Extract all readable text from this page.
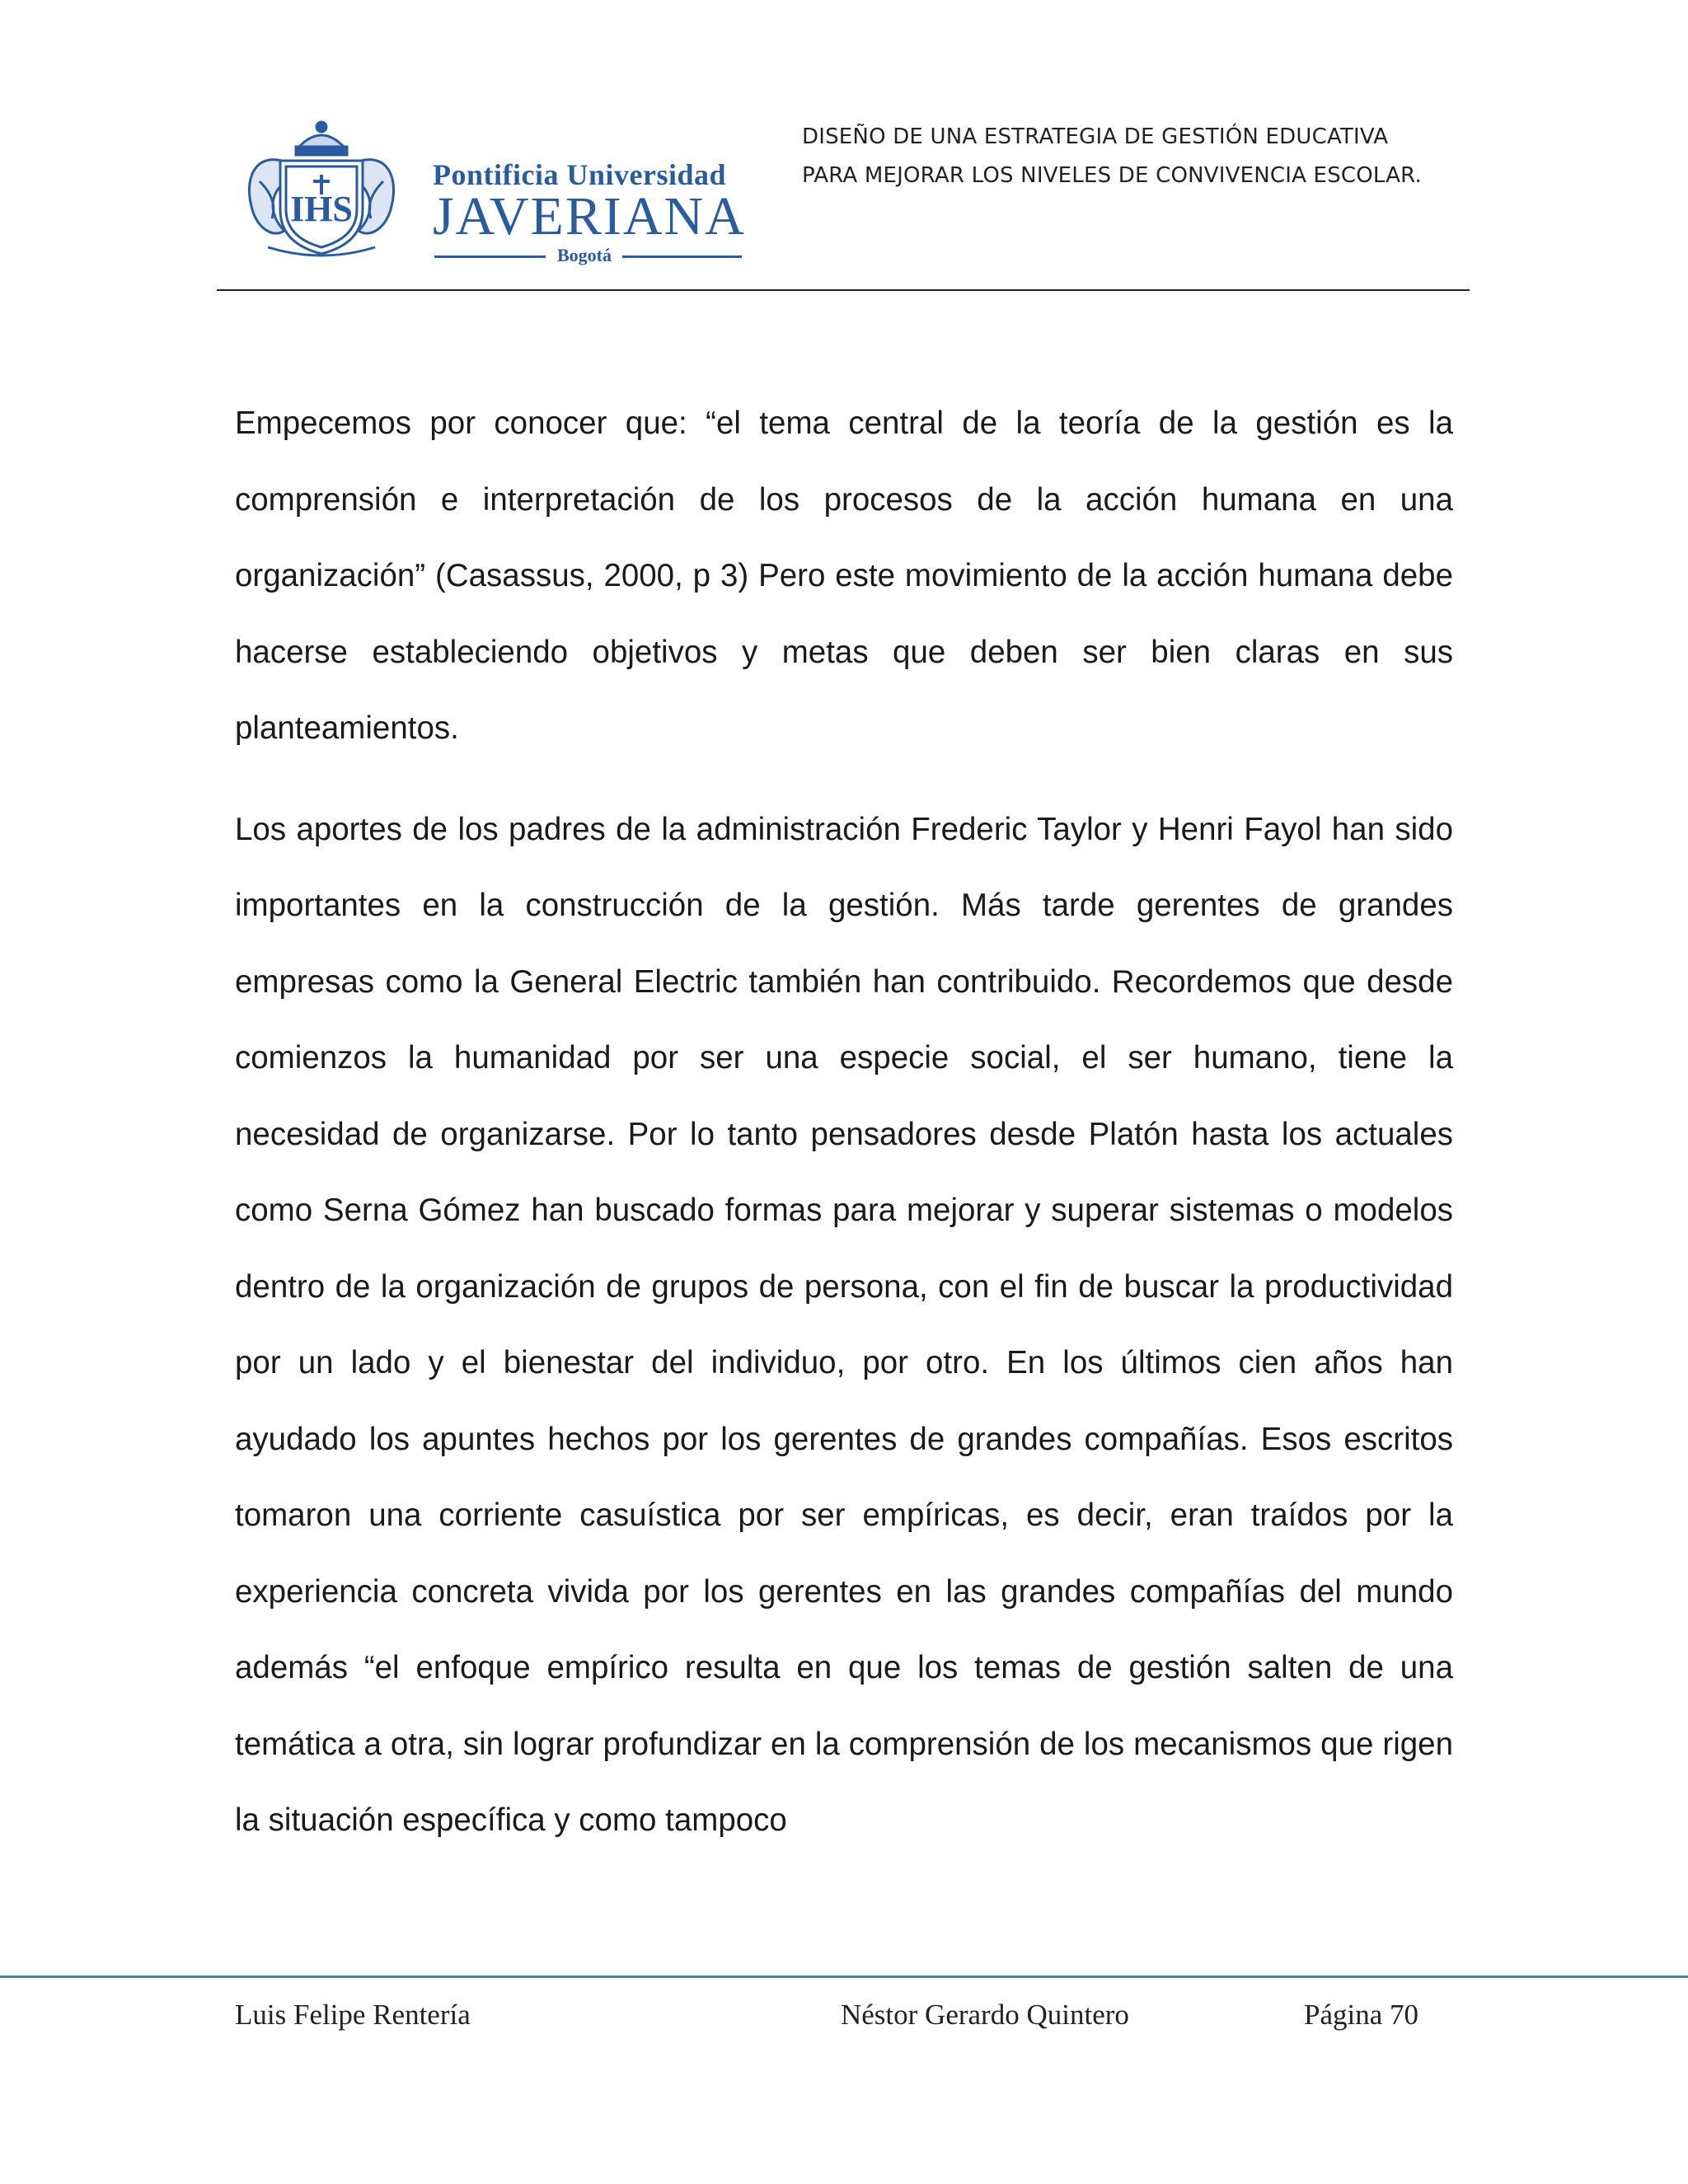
IHS
Pontificia Universidad
JAVERIANA
Bogotá
DISEÑO DE UNA ESTRATEGIA DE GESTIÓN EDUCATIVA
PARA MEJORAR LOS NIVELES DE CONVIVENCIA ESCOLAR.

Empecemos por conocer que: “el tema central de la teoría de la gestión es la comprensión e interpretación de los procesos de la acción humana en una organización” (Casassus, 2000, p 3) Pero este movimiento de la acción humana debe hacerse estableciendo objetivos y metas que deben ser bien claras en sus planteamientos.

Los aportes de los padres de la administración Frederic Taylor y Henri Fayol han sido importantes en la construcción de la gestión. Más tarde gerentes de grandes empresas como la General Electric también han contribuido. Recordemos que desde comienzos la humanidad por ser una especie social, el ser humano, tiene la necesidad de organizarse. Por lo tanto pensadores desde Platón hasta los actuales como Serna Gómez han buscado formas para mejorar y superar sistemas o modelos dentro de la organización de grupos de persona, con el fin de buscar la productividad por un lado y el bienestar del individuo, por otro. En los últimos cien años han ayudado los apuntes hechos por los gerentes de grandes compañías. Esos escritos tomaron una corriente casuística por ser empíricas, es decir, eran traídos por la experiencia concreta vivida por los gerentes en las grandes compañías del mundo además “el enfoque empírico resulta en que los temas de gestión salten de una temática a otra, sin lograr profundizar en la comprensión de los mecanismos que rigen la situación específica y como tampoco

Luis Felipe Rentería	Néstor Gerardo Quintero	Página 70
